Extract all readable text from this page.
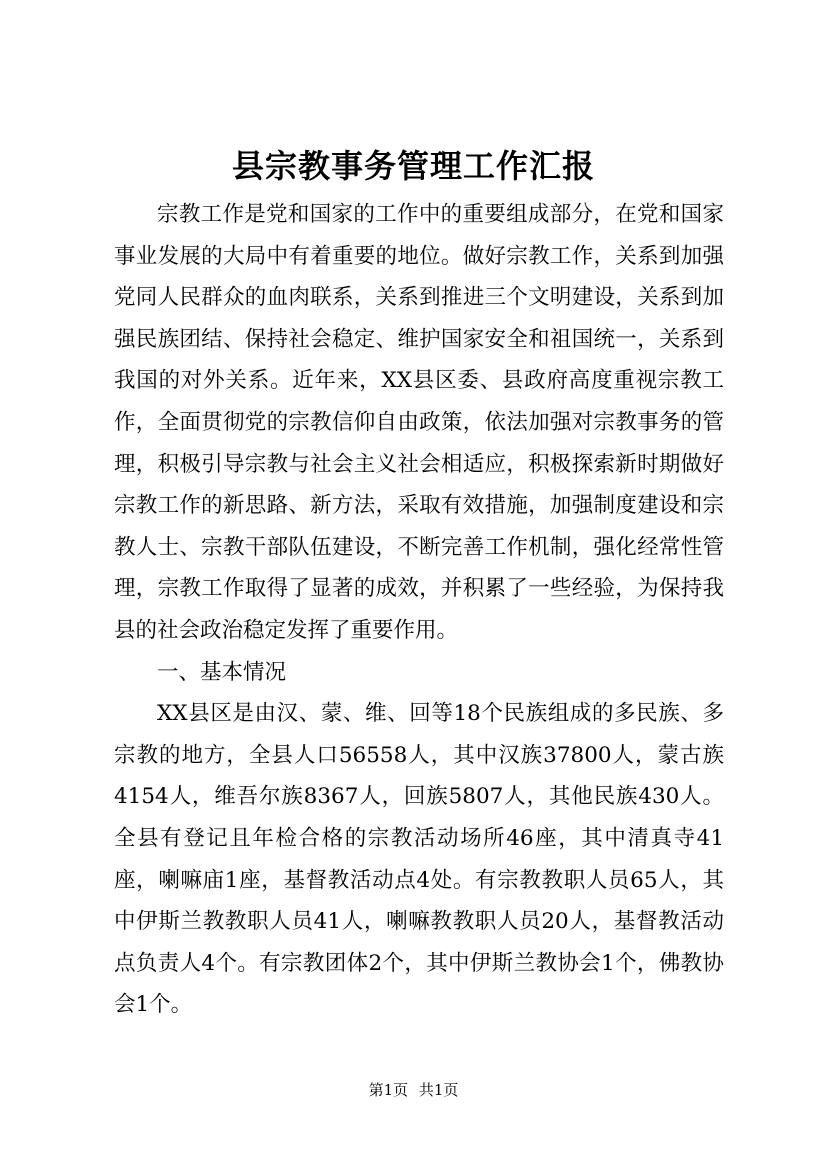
县宗教事务管理工作汇报

宗教工作是党和国家的工作中的重要组成部分，在党和国家事业发展的大局中有着重要的地位。做好宗教工作，关系到加强党同人民群众的血肉联系，关系到推进三个文明建设，关系到加强民族团结、保持社会稳定、维护国家安全和祖国统一，关系到我国的对外关系。近年来，XX县区委、县政府高度重视宗教工作，全面贯彻党的宗教信仰自由政策，依法加强对宗教事务的管理，积极引导宗教与社会主义社会相适应，积极探索新时期做好宗教工作的新思路、新方法，采取有效措施，加强制度建设和宗教人士、宗教干部队伍建设，不断完善工作机制，强化经常性管理，宗教工作取得了显著的成效，并积累了一些经验，为保持我县的社会政治稳定发挥了重要作用。

一、基本情况

XX县区是由汉、蒙、维、回等18个民族组成的多民族、多宗教的地方，全县人口56558人，其中汉族37800人，蒙古族4154人，维吾尔族8367人，回族5807人，其他民族430人。全县有登记且年检合格的宗教活动场所46座，其中清真寺41座，喇嘛庙1座，基督教活动点4处。有宗教教职人员65人，其中伊斯兰教教职人员41人，喇嘛教教职人员20人，基督教活动点负责人4个。有宗教团体2个，其中伊斯兰教协会1个，佛教协会1个。

第1页 共1页
